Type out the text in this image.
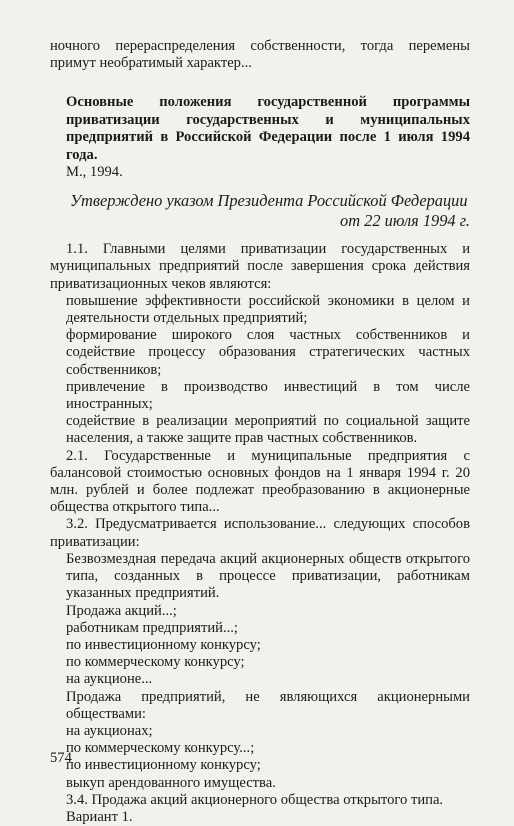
ночного перераспределения собственности, тогда перемены примут необратимый характер...

Основные положения государственной программы приватизации государственных и муниципальных предприятий в Российской Федерации после 1 июля 1994 года.

М., 1994.

Утверждено указом Президента Российской Федерации
от 22 июля 1994 г.

1.1. Главными целями приватизации государственных и муниципальных предприятий после завершения срока действия приватизационных чеков являются:

повышение эффективности российской экономики в целом и деятельности отдельных предприятий;

формирование широкого слоя частных собственников и содействие процессу образования стратегических частных собственников;

привлечение в производство инвестиций в том числе иностранных;

содействие в реализации мероприятий по социальной защите населения, а также защите прав частных собственников.

2.1. Государственные и муниципальные предприятия с балансовой стоимостью основных фондов на 1 января 1994 г. 20 млн. рублей и более подлежат преобразованию в акционерные общества открытого типа...

3.2. Предусматривается использование... следующих способов приватизации:

Безвозмездная передача акций акционерных обществ открытого типа, созданных в процессе приватизации, работникам указанных предприятий.

Продажа акций...;

работникам предприятий...;

по инвестиционному конкурсу;

по коммерческому конкурсу;

на аукционе...

Продажа предприятий, не являющихся акционерными обществами:

на аукционах;

по коммерческому конкурсу...;

по инвестиционному конкурсу;

выкуп арендованного имущества.

3.4. Продажа акций акционерного общества открытого типа.

Вариант 1.

574
